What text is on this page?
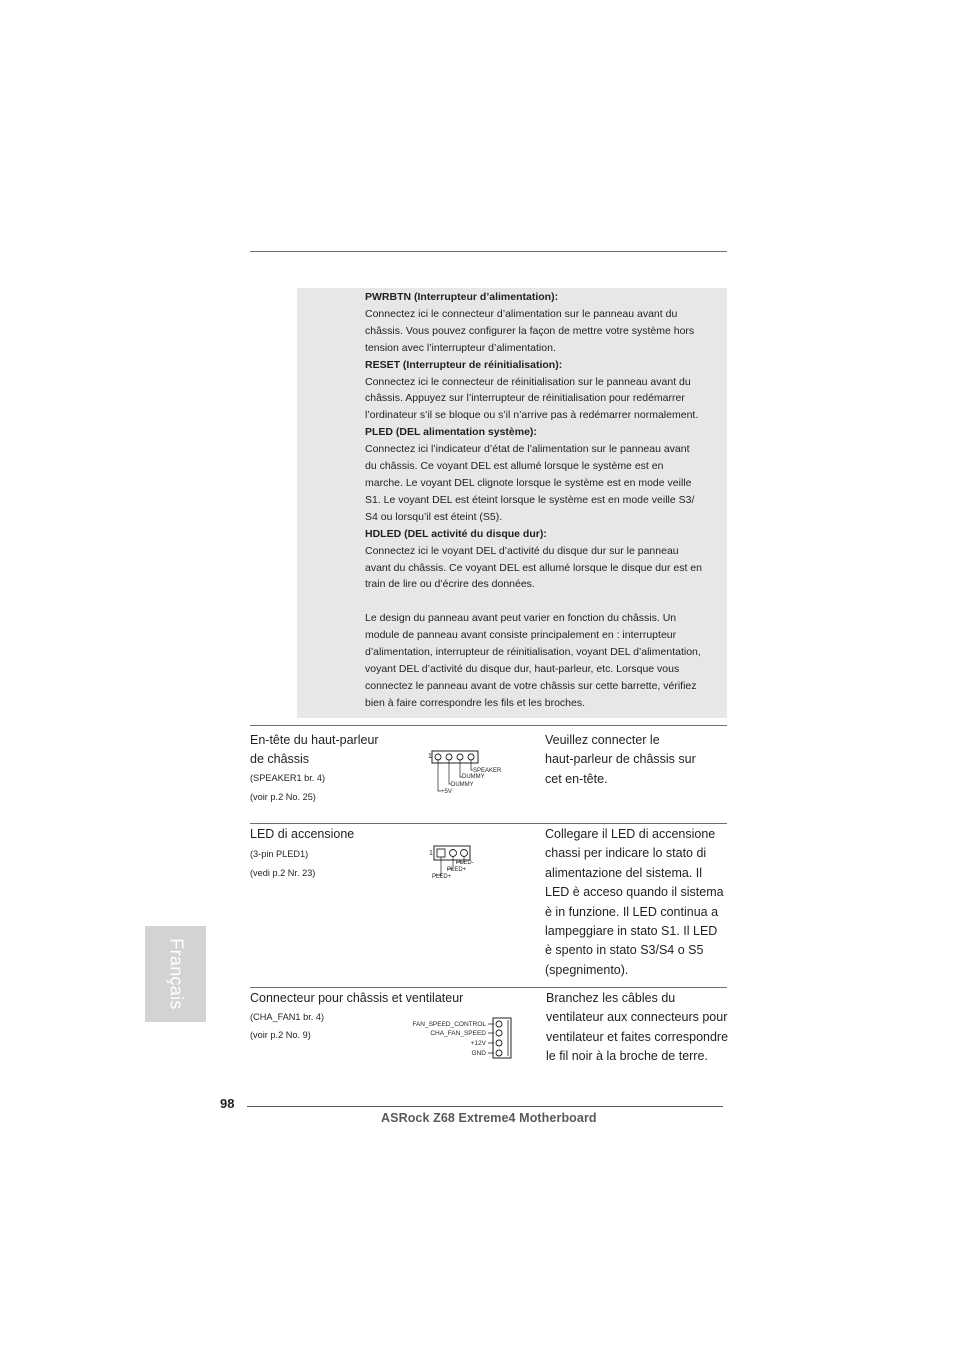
PWRBTN (Interrupteur d’alimentation):

Connectez ici le connecteur d’alimentation sur le panneau avant du

châssis. Vous pouvez configurer la façon de mettre votre système hors

tension avec l’interrupteur d’alimentation.

RESET (Interrupteur de réinitialisation):

Connectez ici le connecteur de réinitialisation sur le panneau avant du

châssis. Appuyez sur l’interrupteur de réinitialisation pour redémarrer

l’ordinateur s’il se bloque ou s’il n’arrive pas à redémarrer normalement.

PLED (DEL alimentation système):

Connectez ici l’indicateur d’état de l’alimentation sur le panneau avant

du châssis. Ce voyant DEL est allumé lorsque le système est en

marche. Le voyant DEL clignote lorsque le système est en mode veille

S1. Le voyant DEL est éteint lorsque le système est en mode veille S3/

S4 ou lorsqu’il est éteint (S5).

HDLED (DEL activité du disque dur):

Connectez ici le voyant DEL d’activité du disque dur sur le panneau

avant du châssis. Ce voyant DEL est allumé lorsque le disque dur est en

train de lire ou d’écrire des données.

Le design du panneau avant peut varier en fonction du châssis. Un

module de panneau avant consiste principalement en : interrupteur

d’alimentation, interrupteur de réinitialisation, voyant DEL d’alimentation,

voyant DEL d’activité du disque dur, haut-parleur, etc. Lorsque vous

connectez le panneau avant de votre châssis sur cette barrette, vérifiez

bien à faire correspondre les fils et les broches.

En-tête du haut-parleur
de châssis
(SPEAKER1 br. 4)
(voir p.2 No. 25)
1
SPEAKER
DUMMY
DUMMY
+5V
Veuillez connecter le
haut-parleur de châssis sur
cet en-tête.
LED di accensione
(3-pin PLED1)
(vedi p.2 Nr. 23)
1
PLED-
PLED+
PLED+
Collegare il LED di accensione
chassi per indicare lo stato di
alimentazione del sistema. Il
LED è acceso quando il sistema
è in funzione. Il LED continua a
lampeggiare in stato S1. Il LED
è spento in stato S3/S4 o S5
(spegnimento).
Connecteur pour châssis et ventilateur
(CHA_FAN1 br. 4)
(voir p.2 No. 9)
FAN_SPEED_CONTROL
CHA_FAN_SPEED
+12V
GND
Branchez les câbles du
ventilateur aux connecteurs pour
ventilateur et faites correspondre
le fil noir à la broche de terre.
Français
98
ASRock Z68 Extreme4 Motherboard
